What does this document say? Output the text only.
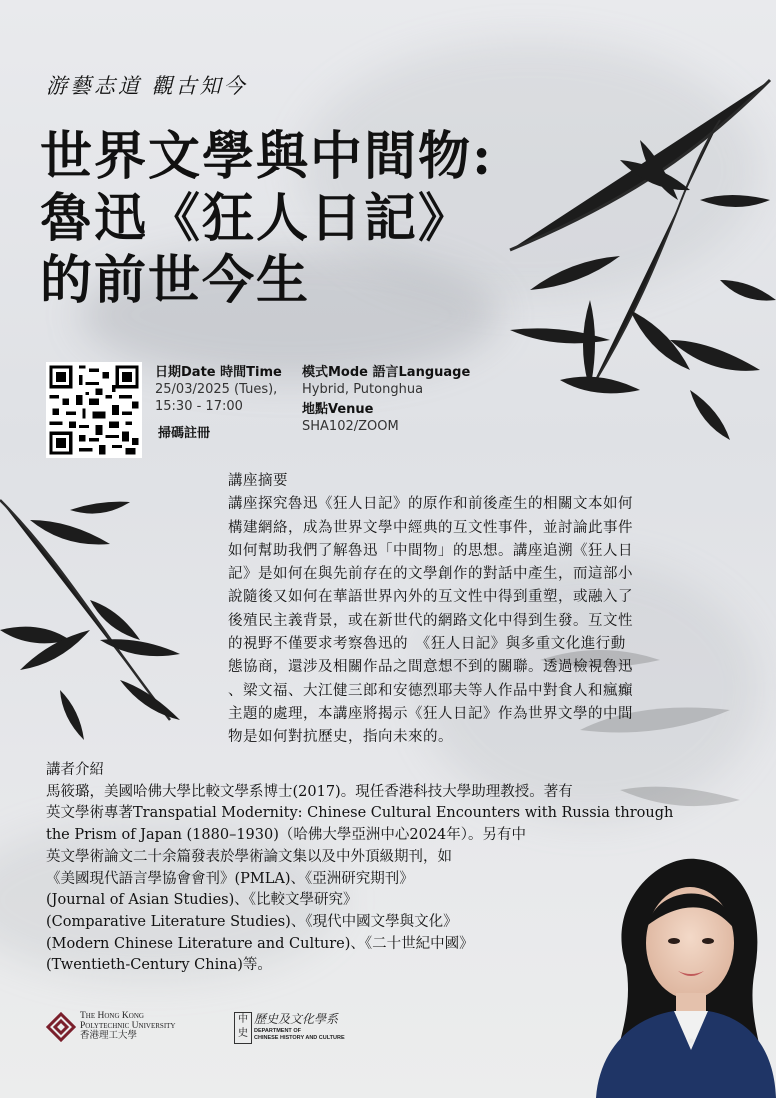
游藝志道 觀古知今
世界文學與中間物:
魯迅《狂人日記》
的前世今生
日期Date 時間Time
25/03/2025 (Tues),
15:30 - 17:00
掃碼註冊
模式Mode 語言Language
Hybrid, Putonghua
地點Venue
SHA102/ZOOM
講座摘要
講座探究魯迅《狂人日記》的原作和前後產生的相關文本如何
構建網絡，成為世界文學中經典的互文性事件，並討論此事件
如何幫助我們了解魯迅「中間物」的思想。講座追溯《狂人日
記》是如何在與先前存在的文學創作的對話中產生，而這部小
說隨後又如何在華語世界內外的互文性中得到重塑，或融入了
後殖民主義背景，或在新世代的網路文化中得到生發。互文性
的視野不僅要求考察魯迅的　《狂人日記》與多重文化進行動
態協商，還涉及相關作品之間意想不到的關聯。透過檢視魯迅
、梁文福、大江健三郎和安德烈耶夫等人作品中對食人和瘋癲
主題的處理，本講座將揭示《狂人日記》作為世界文學的中間
物是如何對抗歷史，指向未來的。
講者介紹
馬筱璐，美國哈佛大學比較文學系博士(2017)。現任香港科技大學助理教授。著有
英文學術專著Transpatial Modernity: Chinese Cultural Encounters with Russia through
the Prism of Japan (1880–1930)（哈佛大學亞洲中心2024年）。另有中
英文學術論文二十余篇發表於學術論文集以及中外頂級期刊，如
《美國現代語言學協會會刊》(PMLA)、《亞洲研究期刊》
(Journal of Asian Studies)、《比較文學研究》
(Comparative Literature Studies)、《現代中國文學與文化》
(Modern Chinese Literature and Culture)、《二十世紀中國》
(Twentieth-Century China)等。
The Hong Kong
Polytechnic University
香港理工大學
中史
歷史及文化學系
DEPARTMENT OF
CHINESE HISTORY AND CULTURE
